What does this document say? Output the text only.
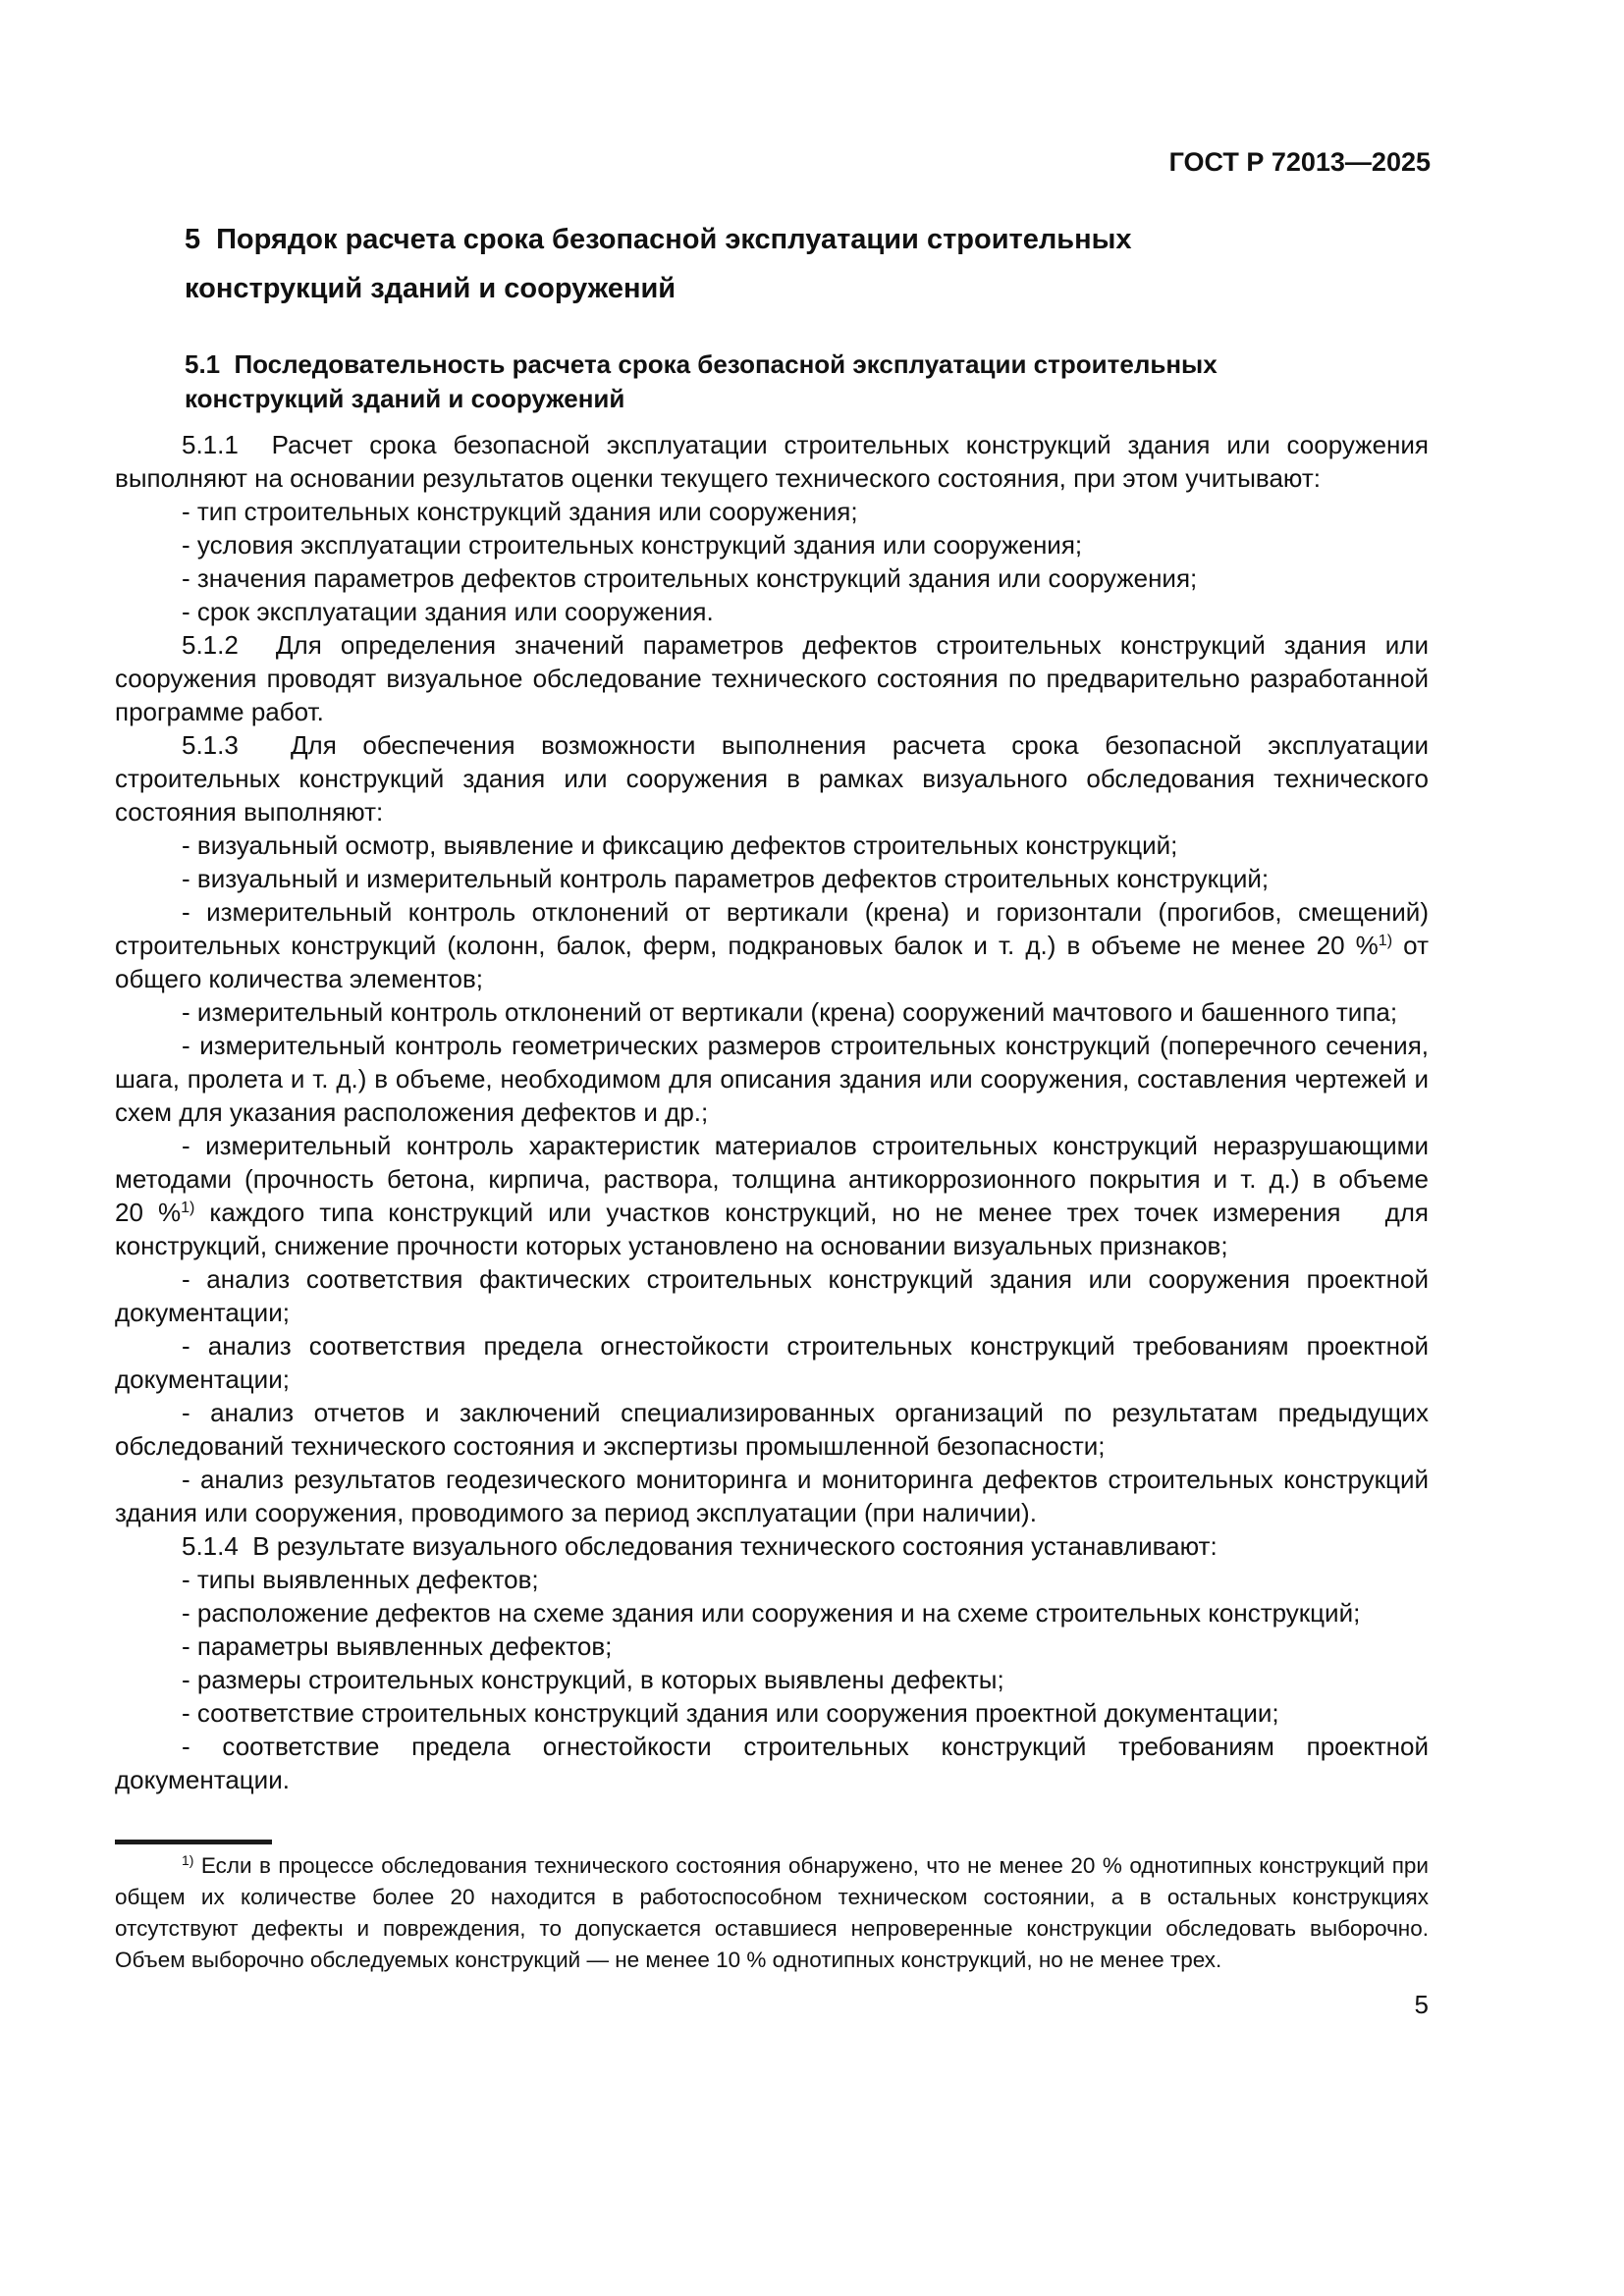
ГОСТ Р 72013—2025
5 Порядок расчета срока безопасной эксплуатации строительных конструкций зданий и сооружений
5.1 Последовательность расчета срока безопасной эксплуатации строительных конструкций зданий и сооружений

5.1.1  Расчет срока безопасной эксплуатации строительных конструкций здания или сооружения выполняют на основании результатов оценки текущего технического состояния, при этом учитывают:

- тип строительных конструкций здания или сооружения;

- условия эксплуатации строительных конструкций здания или сооружения;

- значения параметров дефектов строительных конструкций здания или сооружения;

- срок эксплуатации здания или сооружения.

5.1.2  Для определения значений параметров дефектов строительных конструкций здания или сооружения проводят визуальное обследование технического состояния по предварительно разработанной программе работ.

5.1.3  Для обеспечения возможности выполнения расчета срока безопасной эксплуатации строительных конструкций здания или сооружения в рамках визуального обследования технического состояния выполняют:

- визуальный осмотр, выявление и фиксацию дефектов строительных конструкций;

- визуальный и измерительный контроль параметров дефектов строительных конструкций;

- измерительный контроль отклонений от вертикали (крена) и горизонтали (прогибов, смещений) строительных конструкций (колонн, балок, ферм, подкрановых балок и т. д.) в объеме не менее 20 %$^{1)}$ от общего количества элементов;

- измерительный контроль отклонений от вертикали (крена) сооружений мачтового и башенного типа;

- измерительный контроль геометрических размеров строительных конструкций (поперечного сечения, шага, пролета и т. д.) в объеме, необходимом для описания здания или сооружения, составления чертежей и схем для указания расположения дефектов и др.;

- измерительный контроль характеристик материалов строительных конструкций неразрушающими методами (прочность бетона, кирпича, раствора, толщина антикоррозионного покрытия и т. д.) в объеме 20 %$^{1)}$ каждого типа конструкций или участков конструкций, но не менее трех точек измерения   для конструкций, снижение прочности которых установлено на основании визуальных признаков;

- анализ соответствия фактических строительных конструкций здания или сооружения проектной документации;

- анализ соответствия предела огнестойкости строительных конструкций требованиям проектной документации;

- анализ отчетов и заключений специализированных организаций по результатам предыдущих обследований технического состояния и экспертизы промышленной безопасности;

- анализ результатов геодезического мониторинга и мониторинга дефектов строительных конструкций здания или сооружения, проводимого за период эксплуатации (при наличии).

5.1.4  В результате визуального обследования технического состояния устанавливают:

- типы выявленных дефектов;

- расположение дефектов на схеме здания или сооружения и на схеме строительных конструкций;

- параметры выявленных дефектов;

- размеры строительных конструкций, в которых выявлены дефекты;

- соответствие строительных конструкций здания или сооружения проектной документации;

- соответствие предела огнестойкости строительных конструкций требованиям проектной документации.

$^{1)}$ Если в процессе обследования технического состояния обнаружено, что не менее 20 % однотипных конструкций при общем их количестве более 20 находится в работоспособном техническом состоянии, а в остальных конструкциях отсутствуют дефекты и повреждения, то допускается оставшиеся непроверенные конструкции обследовать выборочно. Объем выборочно обследуемых конструкций — не менее 10 % однотипных конструкций, но не менее трех.

5
